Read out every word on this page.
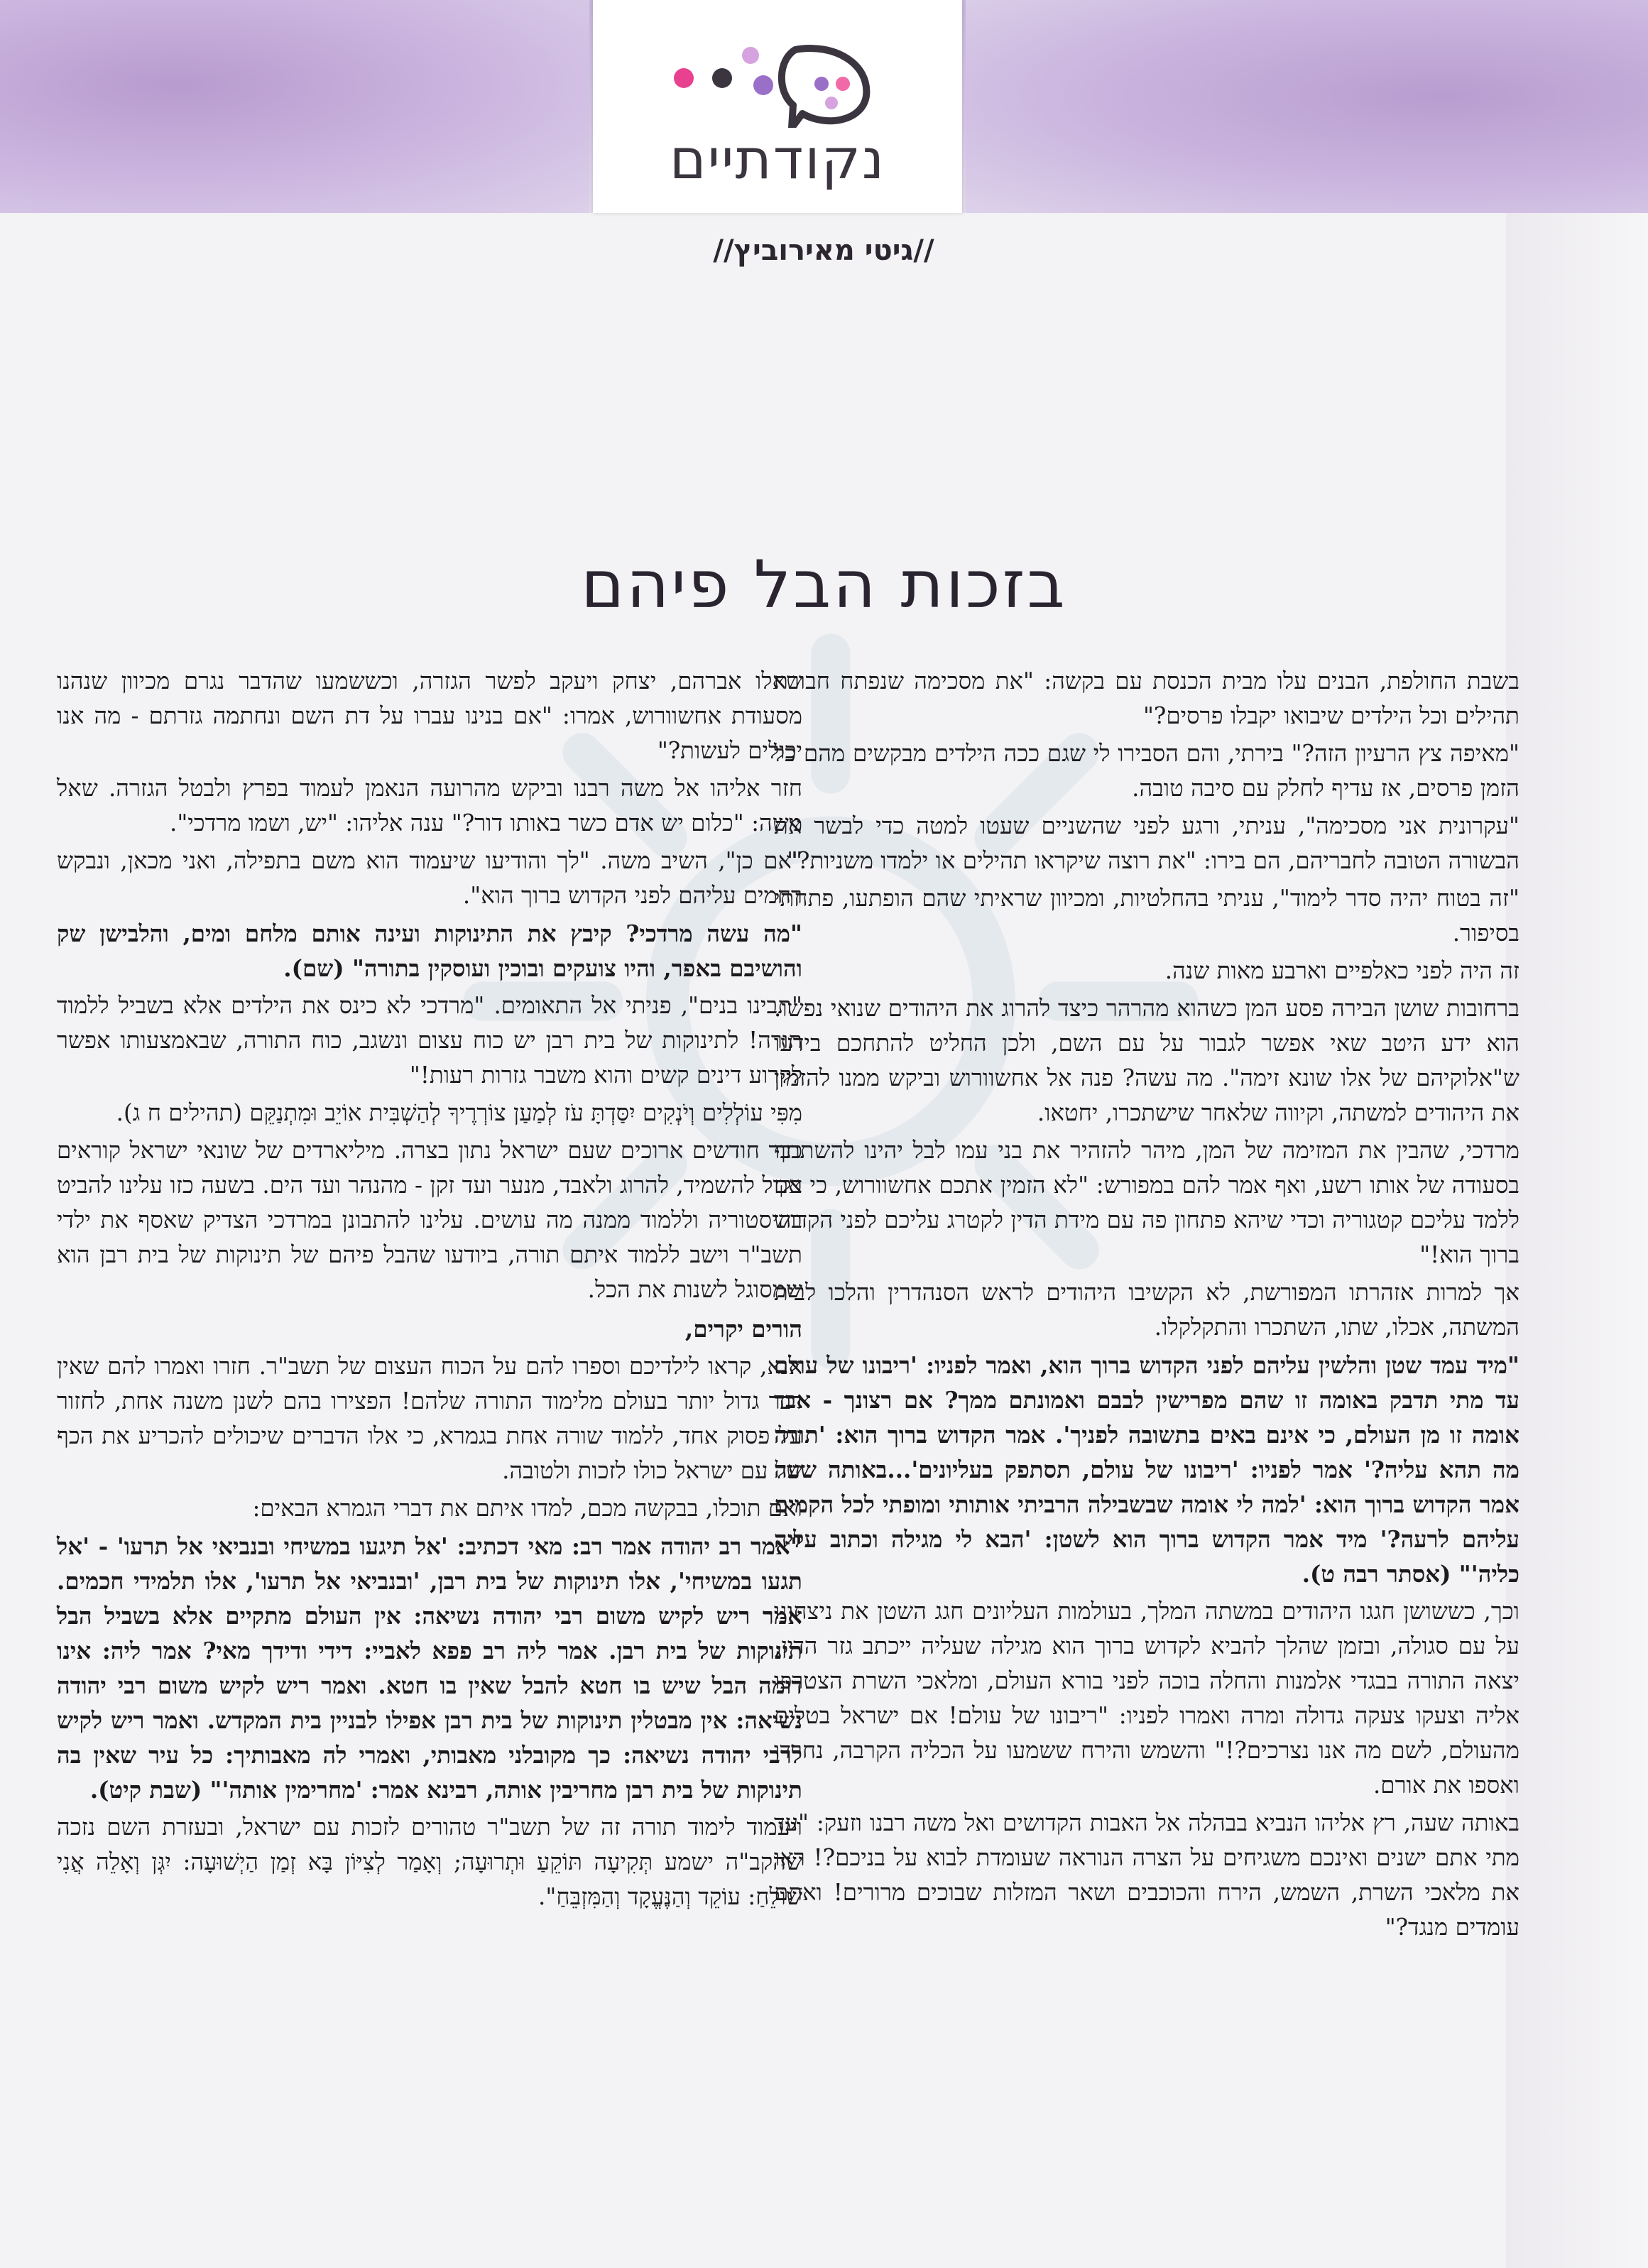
נקודתיים
//גיטי מאירוביץ//
בזכות הבל פיהם

בשבת החולפת, הבנים עלו מבית הכנסת עם בקשה: "את מסכימה שנפתח חבורת תהילים וכל הילדים שיבואו יקבלו פרסים?"

"מאיפה צץ הרעיון הזה?" בירתי, והם הסבירו לי שגם ככה הילדים מבקשים מהם כל הזמן פרסים, אז עדיף לחלק עם סיבה טובה.

"עקרונית אני מסכימה", עניתי, ורגע לפני שהשניים שעטו למטה כדי לבשר את הבשורה הטובה לחבריהם, הם בירו: "את רוצה שיקראו תהילים או ילמדו משניות?"

"זה בטוח יהיה סדר לימוד", עניתי בהחלטיות, ומכיוון שראיתי שהם הופתעו, פתחתי בסיפור.

זה היה לפני כאלפיים וארבע מאות שנה.

ברחובות שושן הבירה פסע המן כשהוא מהרהר כיצד להרוג את היהודים שנואי נפשו. הוא ידע היטב שאי אפשר לגבור על עם השם, ולכן החליט להתחכם בידעו ש"אלוקיהם של אלו שונא זימה". מה עשה? פנה אל אחשוורוש וביקש ממנו להזמין את היהודים למשתה, וקיווה שלאחר שישתכרו, יחטאו.

מרדכי, שהבין את המזימה של המן, מיהר להזהיר את בני עמו לבל יהינו להשתתף בסעודה של אותו רשע, ואף אמר להם במפורש: "לא הזמין אתכם אחשוורוש, כי אם ללמד עליכם קטגוריה וכדי שיהא פתחון פה עם מידת הדין לקטרג עליכם לפני הקדוש ברוך הוא!"

אך למרות אזהרתו המפורשת, לא הקשיבו היהודים לראש הסנהדרין והלכו לבית המשתה, אכלו, שתו, השתכרו והתקלקלו.

"מיד עמד שטן והלשין עליהם לפני הקדוש ברוך הוא, ואמר לפניו: 'ריבונו של עולם עד מתי תדבק באומה זו שהם מפרישין לבבם ואמונתם ממך? אם רצונך - אבד אומה זו מן העולם, כי אינם באים בתשובה לפניך'. אמר הקדוש ברוך הוא: 'תורה מה תהא עליה?' אמר לפניו: 'ריבונו של עולם, תסתפק בעליונים'...באותה שעה אמר הקדוש ברוך הוא: 'למה לי אומה שבשבילה הרביתי אותותי ומופתי לכל הקמים עליהם לרעה?' מיד אמר הקדוש ברוך הוא לשטן: 'הבא לי מגילה וכתוב עליה כליה'" (אסתר רבה ט).

וכך, כששושן חגגו היהודים במשתה המלך, בעולמות העליונים חגג השטן את ניצחונו על עם סגולה, ובזמן שהלך להביא לקדוש ברוך הוא מגילה שעליה ייכתב גזר הדין, יצאה התורה בבגדי אלמנות והחלה בוכה לפני בורא העולם, ומלאכי השרת הצטרפו אליה וצעקו צעקה גדולה ומרה ואמרו לפניו: "ריבונו של עולם! אם ישראל בטלים מהעולם, לשם מה אנו נצרכים?!" והשמש והירח ששמעו על הכליה הקרבה, נחרדו ואספו את אורם.

באותה שעה, רץ אליהו הנביא בבהלה אל האבות הקדושים ואל משה רבנו וזעק: "עד מתי אתם ישנים ואינכם משגיחים על הצרה הנוראה שעומדת לבוא על בניכם?! ראו את מלאכי השרת, השמש, הירח והכוכבים ושאר המזלות שבוכים מרורים! ואתם עומדים מנגד?"

שאלו אברהם, יצחק ויעקב לפשר הגזרה, וכששמעו שהדבר נגרם מכיוון שנהנו מסעודת אחשוורוש, אמרו: "אם בנינו עברו על דת השם ונחתמה גזרתם - מה אנו יכולים לעשות?"

חזר אליהו אל משה רבנו וביקש מהרועה הנאמן לעמוד בפרץ ולבטל הגזרה. שאל משה: "כלום יש אדם כשר באותו דור?" ענה אליהו: "יש, ושמו מרדכי".

"אם כן", השיב משה. "לך והודיעו שיעמוד הוא משם בתפילה, ואני מכאן, ונבקש רחמים עליהם לפני הקדוש ברוך הוא".

"מה עשה מרדכי? קיבץ את התינוקות ועינה אותם מלחם ומים, והלבישן שק והושיבם באפר, והיו צועקים ובוכין ועוסקין בתורה" (שם).

"תבינו בנים", פניתי אל התאומים. "מרדכי לא כינס את הילדים אלא בשביל ללמוד תורה! לתינוקות של בית רבן יש כוח עצום ונשגב, כוח התורה, שבאמצעותו אפשר לקרוע דינים קשים והוא משבר גזרות רעות!"

מִפִּי עוֹלְלִים וְיֹנְקִים יִסַּדְתָּ עֹז לְמַעַן צוֹרְרֶיךָ לְהַשְׁבִּית אוֹיֵב וּמִתְנַקֵּם (תהילים ח ג).

כבר חודשים ארוכים שעם ישראל נתון בצרה. מיליארדים של שונאי ישראל קוראים בקול להשמיד, להרוג ולאבד, מנער ועד זקן - מהנהר ועד הים. בשעה כזו עלינו להביט בהיסטוריה וללמוד ממנה מה עושים. עלינו להתבונן במרדכי הצדיק שאסף את ילדי תשב"ר וישב ללמוד איתם תורה, ביודעו שהבל פיהם של תינוקות של בית רבן הוא שמסוגל לשנות את הכל.

הורים יקרים,

אנא, קראו לילדיכם וספרו להם על הכוח העצום של תשב"ר. חזרו ואמרו להם שאין דבר גדול יותר בעולם מלימוד התורה שלהם! הפצירו בהם לשנן משנה אחת, לחזור על פסוק אחד, ללמוד שורה אחת בגמרא, כי אלו הדברים שיכולים להכריע את הכף של עם ישראל כולו לזכות ולטובה.

ואם תוכלו, בבקשה מכם, למדו איתם את דברי הגמרא הבאים:

"אמר רב יהודה אמר רב: מאי דכתיב: 'אל תיגעו במשיחי ובנביאי אל תרעו' - 'אל תגעו במשיחי', אלו תינוקות של בית רבן, 'ובנביאי אל תרעו', אלו תלמידי חכמים. אמר ריש לקיש משום רבי יהודה נשיאה: אין העולם מתקיים אלא בשביל הבל תינוקות של בית רבן. אמר ליה רב פפא לאביי: דידי ודידך מאי? אמר ליה: אינו דומה הבל שיש בו חטא להבל שאין בו חטא. ואמר ריש לקיש משום רבי יהודה נשיאה: אין מבטלין תינוקות של בית רבן אפילו לבניין בית המקדש. ואמר ריש לקיש לרבי יהודה נשיאה: כך מקובלני מאבותי, ואמרי לה מאבותיך: כל עיר שאין בה תינוקות של בית רבן מחריבין אותה, רבינא אמר: 'מחרימין אותה'" (שבת קיט).

ויעמוד לימוד תורה זה של תשב"ר טהורים לזכות עם ישראל, ובעזרת השם נזכה שהקב"ה ישמע תְּקִיעָה תּוֹקֵעַ וּתְרוּעָה; וְאָמַר לְצִיּוֹן בָּא זְמַן הַיְשׁוּעָה: יִגְּן וְאָלֵה אֲנִי שׁוֹלֵחַ: עוֹקֵד וְהַנֶּעֱקָד וְהַמִּזְבֵּחַ".
